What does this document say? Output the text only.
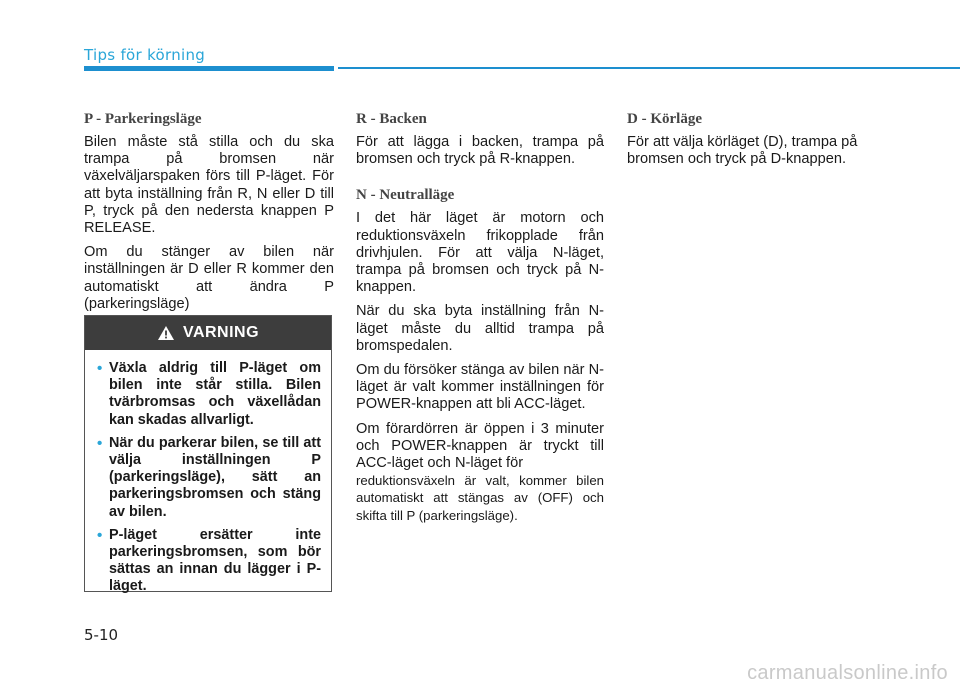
Tips för körning
P - Parkeringsläge

Bilen måste stå stilla och du ska trampa på bromsen när växelväljarspaken förs till P-läget. För att byta inställning från R, N eller D till P, tryck på den nedersta knappen P RELEASE.

Om du stänger av bilen när inställningen är D eller R kommer den automatiskt att ändra P (parkeringsläge)

VARNING
• Växla aldrig till P-läget om bilen inte står stilla. Bilen tvärbromsas och växellådan kan skadas allvarligt.
• När du parkerar bilen, se till att välja inställningen P (parkeringsläge), sätt an parkeringsbromsen och stäng av bilen.
• P-läget ersätter inte parkeringsbromsen, som bör sättas an innan du lägger i P-läget.
R - Backen

För att lägga i backen, trampa på bromsen och tryck på R-knappen.

N - Neutralläge

I det här läget är motorn och reduktionsväxeln frikopplade från drivhjulen. För att välja N-läget, trampa på bromsen och tryck på N-knappen.

När du ska byta inställning från N-läget måste du alltid trampa på bromspedalen.

Om du försöker stänga av bilen när N-läget är valt kommer inställningen för POWER-knappen att bli ACC-läget.

Om förardörren är öppen i 3 minuter och POWER-knappen är tryckt till ACC-läget och N-läget för

reduktionsväxeln är valt, kommer bilen automatiskt att stängas av (OFF) och skifta till P (parkeringsläge).

D - Körläge

För att välja körläget (D), trampa på bromsen och tryck på D-knappen.

5-10
carmanualsonline.info
